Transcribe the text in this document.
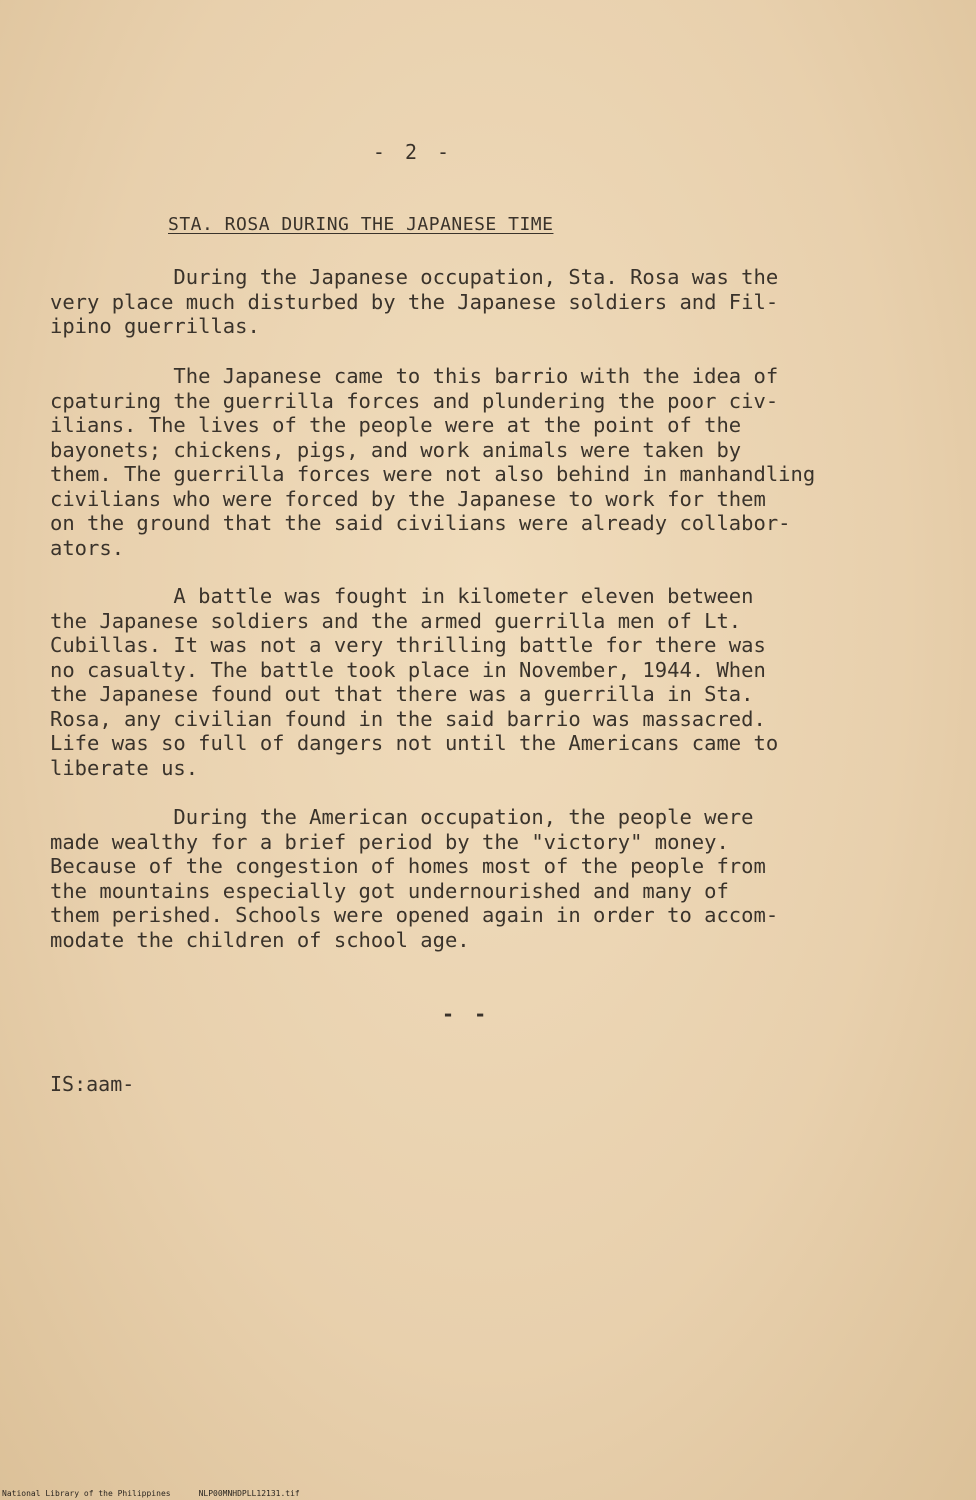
- 2 -
STA. ROSA DURING THE JAPANESE TIME
During the Japanese occupation, Sta. Rosa was the
very place much disturbed by the Japanese soldiers and Fil-
ipino guerrillas.
The Japanese came to this barrio with the idea of
cpaturing the guerrilla forces and plundering the poor civ-
ilians. The lives of the people were at the point of the
bayonets; chickens, pigs, and work animals were taken by
them. The guerrilla forces were not also behind in manhandling
civilians who were forced by the Japanese to work for them
on the ground that the said civilians were already collabor-
ators.
A battle was fought in kilometer eleven between
the Japanese soldiers and the armed guerrilla men of Lt.
Cubillas. It was not a very thrilling battle for there was
no casualty. The battle took place in November, 1944. When
the Japanese found out that there was a guerrilla in Sta.
Rosa, any civilian found in the said barrio was massacred.
Life was so full of dangers not until the Americans came to
liberate us.
During the American occupation, the people were
made wealthy for a brief period by the "victory" money.
Because of the congestion of homes most of the people from
the mountains especially got undernourished and many of
them perished. Schools were opened again in order to accom-
modate the children of school age.
- -
IS:aam-
National Library of the Philippines	NLP00MNHDPLL12131.tif
